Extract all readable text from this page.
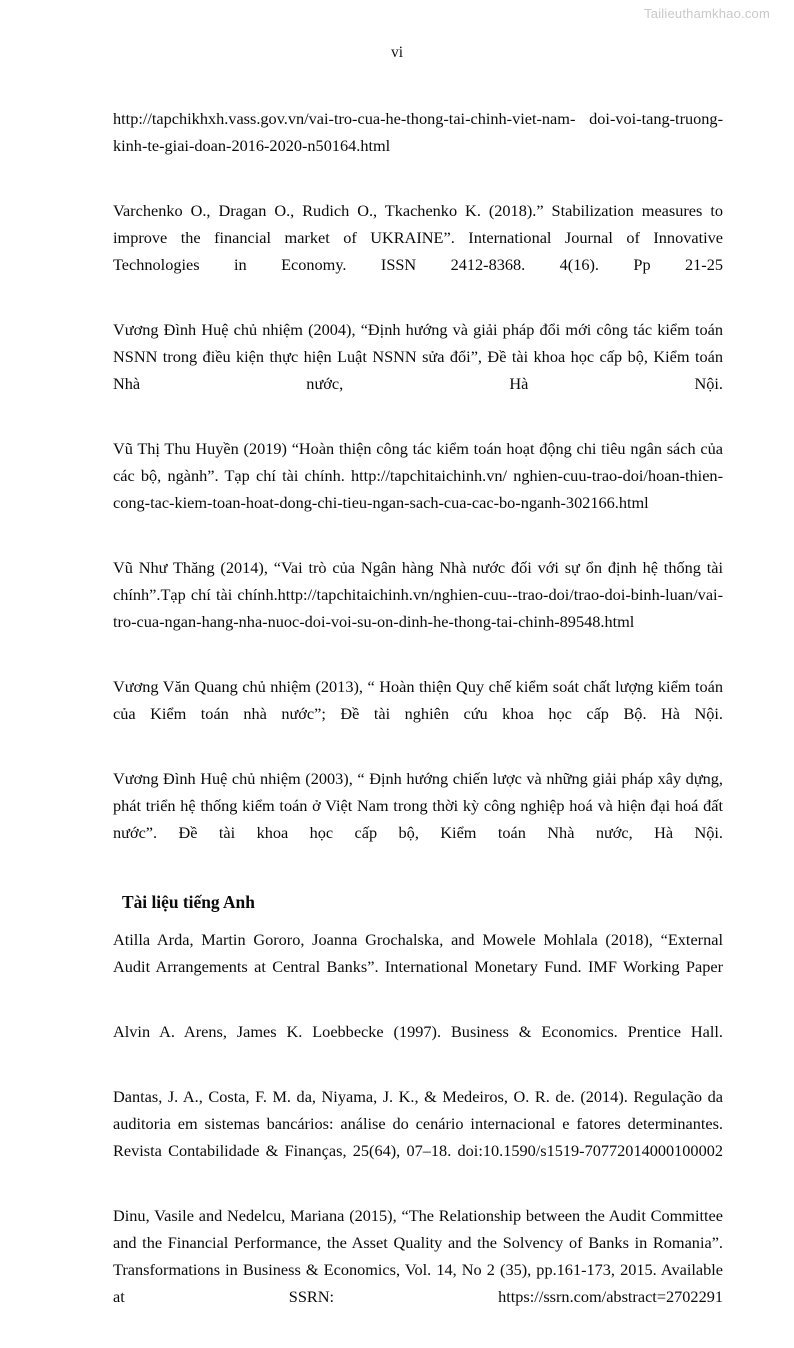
Tailieuthamkhao.com
vi

http://tapchikhxh.vass.gov.vn/vai-tro-cua-he-thong-tai-chinh-viet-nam- doi-voi-tang-truong-kinh-te-giai-doan-2016-2020-n50164.html

Varchenko O., Dragan O., Rudich O., Tkachenko K. (2018).” Stabilization measures to improve the financial market of UKRAINE”. International Journal of Innovative Technologies in Economy. ISSN 2412-8368. 4(16). Pp 21-25

Vương Đình Huệ chủ nhiệm (2004), “Định hướng và giải pháp đổi mới công tác kiểm toán NSNN trong điều kiện thực hiện Luật NSNN sửa đổi”, Đề tài khoa học cấp bộ, Kiểm toán Nhà nước, Hà Nội.

Vũ Thị Thu Huyền (2019) “Hoàn thiện công tác kiểm toán hoạt động chi tiêu ngân sách của các bộ, ngành”. Tạp chí tài chính. http://tapchitaichinh.vn/ nghien-cuu-trao-doi/hoan-thien-cong-tac-kiem-toan-hoat-dong-chi-tieu-ngan-sach-cua-cac-bo-nganh-302166.html

Vũ Như Thăng (2014), “Vai trò của Ngân hàng Nhà nước đối với sự ổn định hệ thống tài chính”.Tạp chí tài chính.http://tapchitaichinh.vn/nghien-cuu--trao-doi/trao-doi-binh-luan/vai-tro-cua-ngan-hang-nha-nuoc-doi-voi-su-on-dinh-he-thong-tai-chinh-89548.html

Vương Văn Quang chủ nhiệm (2013), “ Hoàn thiện Quy chế kiểm soát chất lượng kiểm toán của Kiểm toán nhà nước”; Đề tài nghiên cứu khoa học cấp Bộ. Hà Nội.

Vương Đình Huệ chủ nhiệm (2003), “ Định hướng chiến lược và những giải pháp xây dựng, phát triển hệ thống kiểm toán ở Việt Nam trong thời kỳ công nghiệp hoá và hiện đại hoá đất nước”. Đề tài khoa học cấp bộ, Kiểm toán Nhà nước, Hà Nội.

Tài liệu tiếng Anh

Atilla Arda, Martin Gororo, Joanna Grochalska, and Mowele Mohlala (2018), “External Audit Arrangements at Central Banks”. International Monetary Fund. IMF Working Paper

Alvin A. Arens, James K. Loebbecke (1997). Business & Economics. Prentice Hall.

Dantas, J. A., Costa, F. M. da, Niyama, J. K., & Medeiros, O. R. de. (2014). Regulação da auditoria em sistemas bancários: análise do cenário internacional e fatores determinantes. Revista Contabilidade & Finanças, 25(64), 07–18. doi:10.1590/s1519-70772014000100002

Dinu, Vasile and Nedelcu, Mariana (2015), “The Relationship between the Audit Committee and the Financial Performance, the Asset Quality and the Solvency of Banks in Romania”. Transformations in Business & Economics, Vol. 14, No 2 (35), pp.161-173, 2015. Available at SSRN: https://ssrn.com/abstract=2702291
